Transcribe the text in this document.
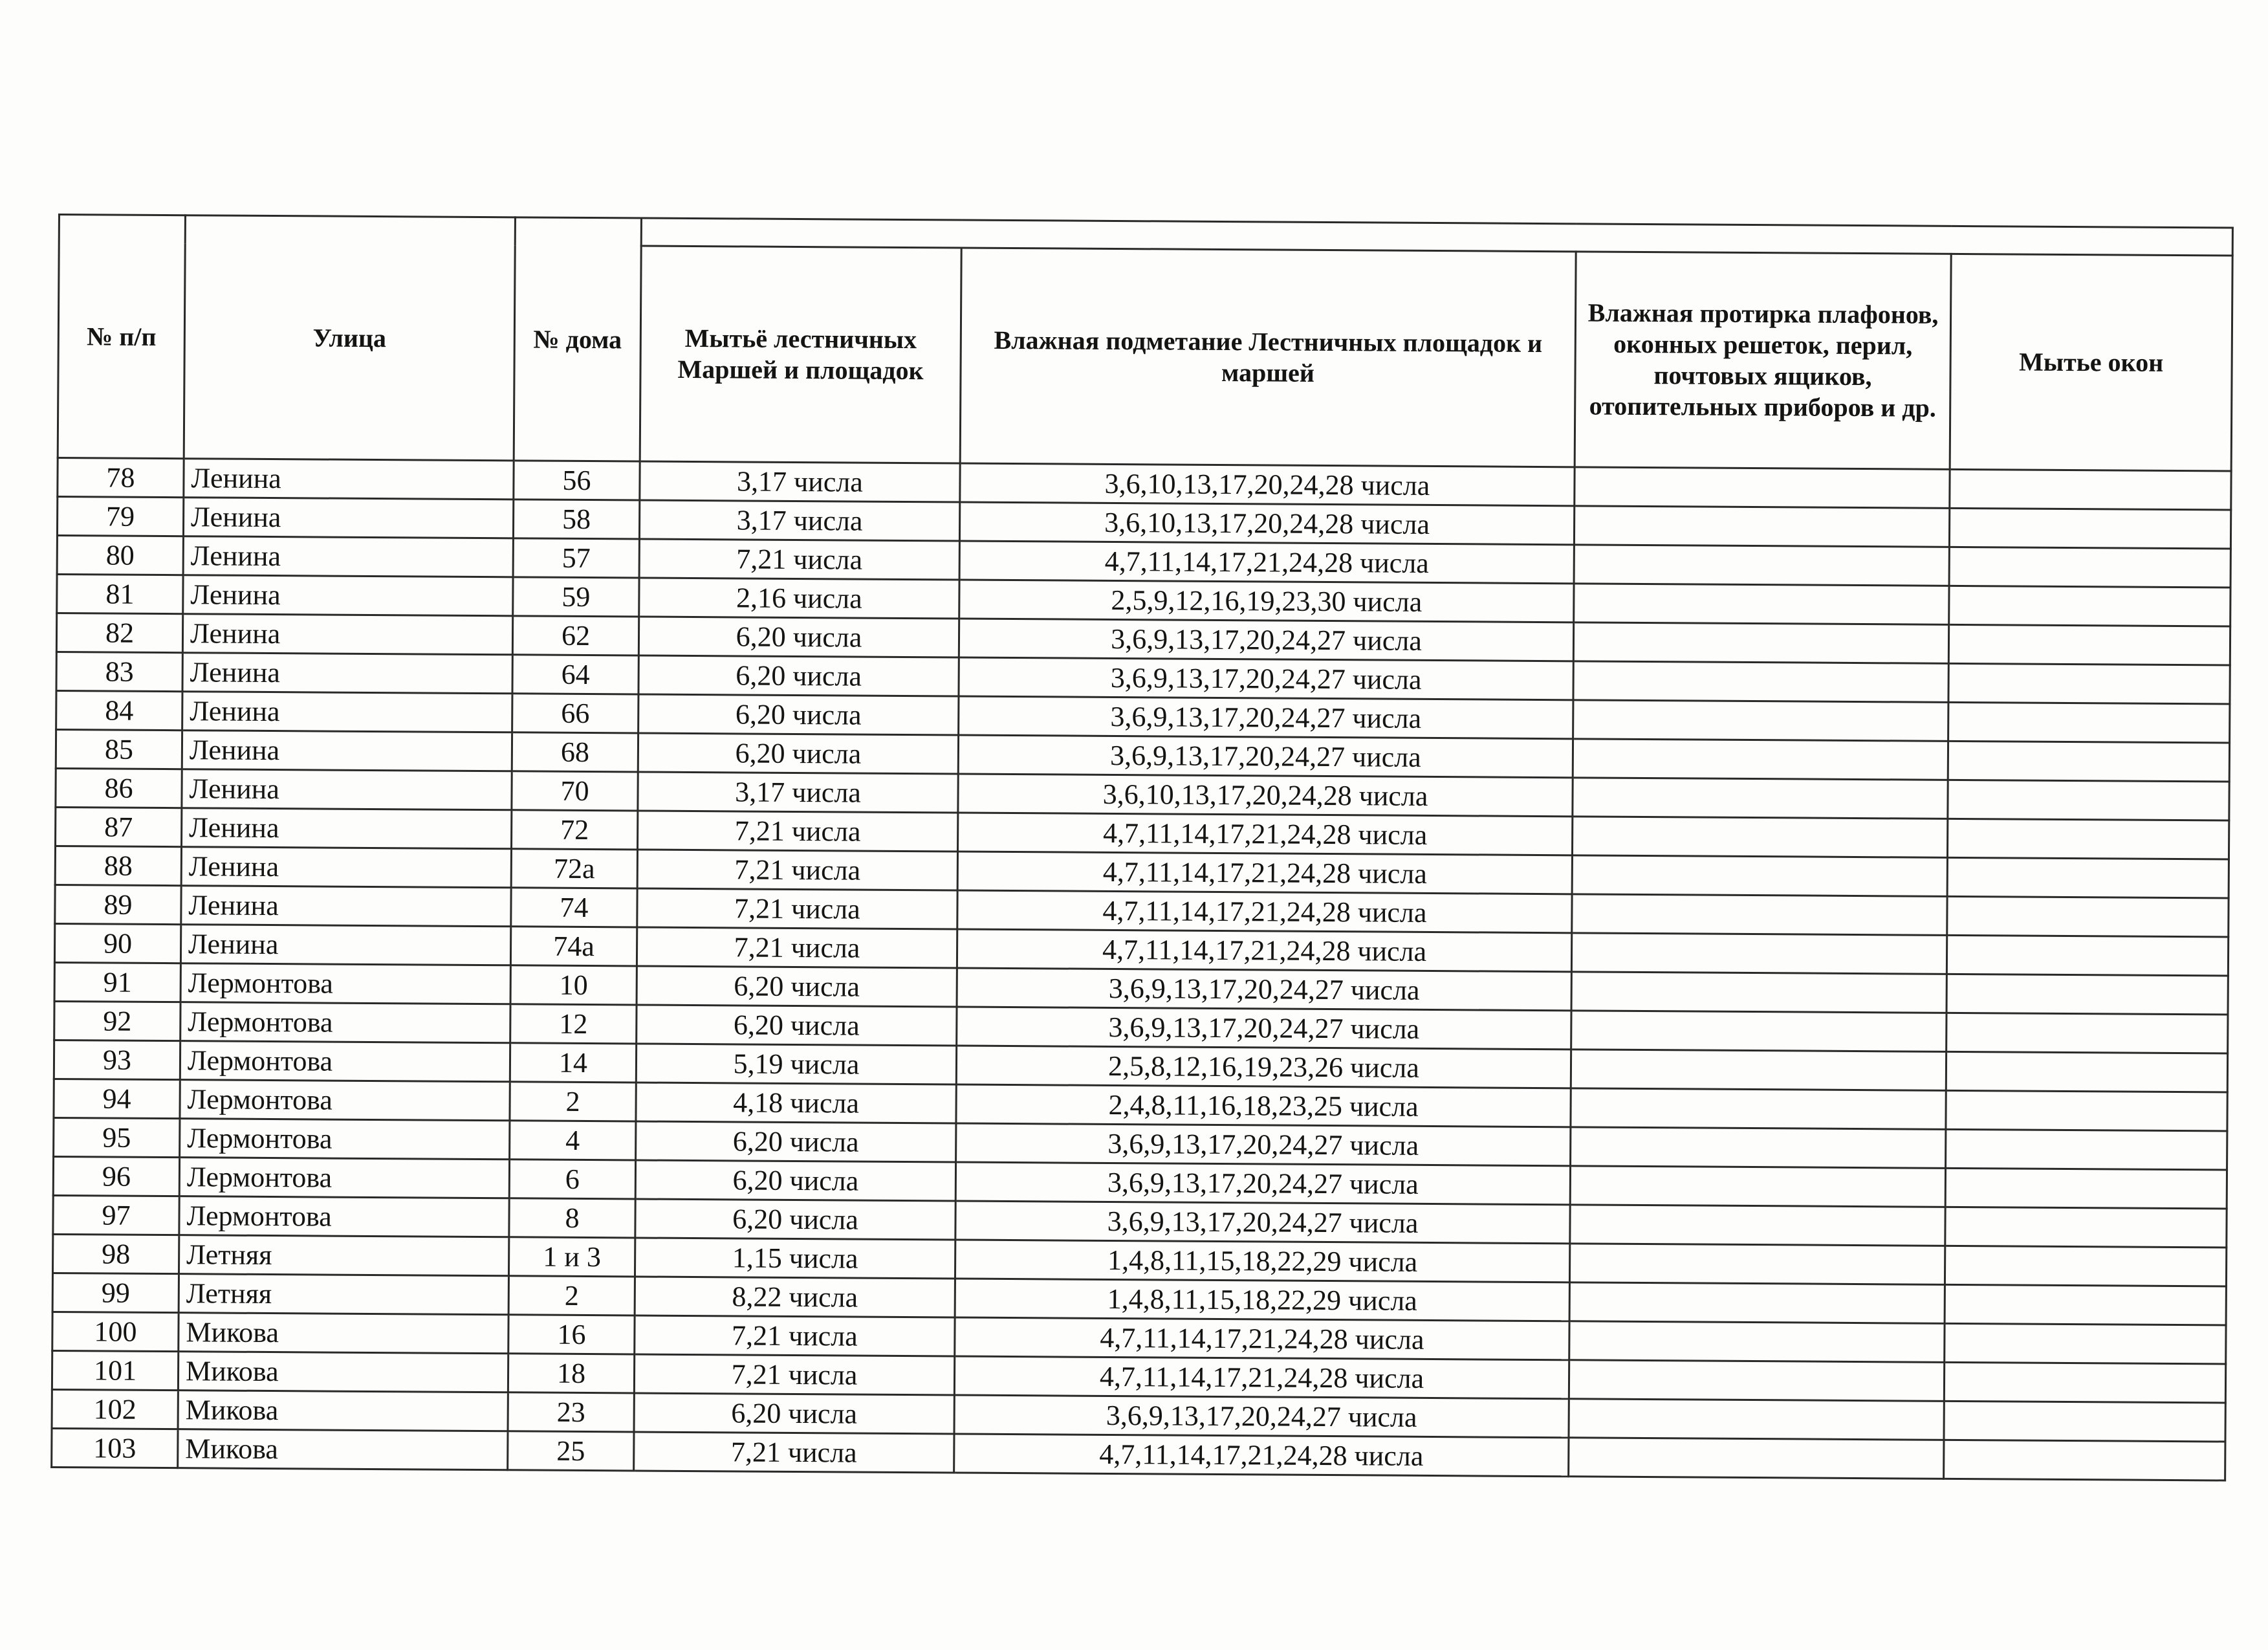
№ п/п	Улица	№ дома				
			Мытьё лестничных Маршей и площадок	Влажная подметание Лестничных площадок и маршей	Влажная протирка плафонов, оконных решеток, перил, почтовых ящиков, отопительных приборов и др.	Мытье окон
78	Ленина	56	3,17 числа	3,6,10,13,17,20,24,28 числа		
79	Ленина	58	3,17 числа	3,6,10,13,17,20,24,28 числа		
80	Ленина	57	7,21 числа	4,7,11,14,17,21,24,28 числа		
81	Ленина	59	2,16 числа	2,5,9,12,16,19,23,30 числа		
82	Ленина	62	6,20 числа	3,6,9,13,17,20,24,27 числа		
83	Ленина	64	6,20 числа	3,6,9,13,17,20,24,27 числа		
84	Ленина	66	6,20 числа	3,6,9,13,17,20,24,27 числа		
85	Ленина	68	6,20 числа	3,6,9,13,17,20,24,27 числа		
86	Ленина	70	3,17 числа	3,6,10,13,17,20,24,28 числа		
87	Ленина	72	7,21 числа	4,7,11,14,17,21,24,28 числа		
88	Ленина	72а	7,21 числа	4,7,11,14,17,21,24,28 числа		
89	Ленина	74	7,21 числа	4,7,11,14,17,21,24,28 числа		
90	Ленина	74а	7,21 числа	4,7,11,14,17,21,24,28 числа		
91	Лермонтова	10	6,20 числа	3,6,9,13,17,20,24,27 числа		
92	Лермонтова	12	6,20 числа	3,6,9,13,17,20,24,27 числа		
93	Лермонтова	14	5,19 числа	2,5,8,12,16,19,23,26 числа		
94	Лермонтова	2	4,18 числа	2,4,8,11,16,18,23,25 числа		
95	Лермонтова	4	6,20 числа	3,6,9,13,17,20,24,27 числа		
96	Лермонтова	6	6,20 числа	3,6,9,13,17,20,24,27 числа		
97	Лермонтова	8	6,20 числа	3,6,9,13,17,20,24,27 числа		
98	Летняя	1 и 3	1,15 числа	1,4,8,11,15,18,22,29 числа		
99	Летняя	2	8,22 числа	1,4,8,11,15,18,22,29 числа		
100	Микова	16	7,21 числа	4,7,11,14,17,21,24,28 числа		
101	Микова	18	7,21 числа	4,7,11,14,17,21,24,28 числа		
102	Микова	23	6,20 числа	3,6,9,13,17,20,24,27 числа		
103	Микова	25	7,21 числа	4,7,11,14,17,21,24,28 числа		
